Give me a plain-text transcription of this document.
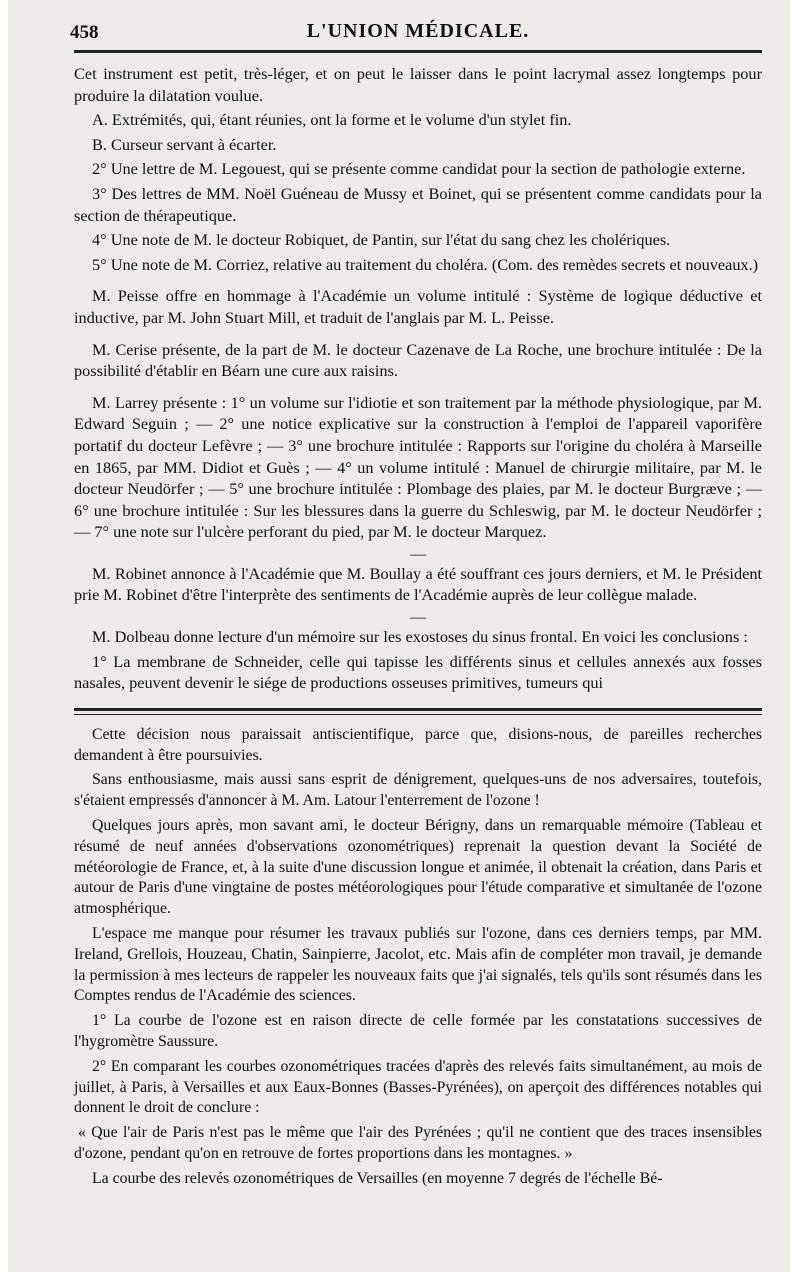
458	L'UNION MÉDICALE.

Cet instrument est petit, très-léger, et on peut le laisser dans le point lacrymal assez longtemps pour produire la dilatation voulue.

A. Extrémités, qui, étant réunies, ont la forme et le volume d'un stylet fin.

B. Curseur servant à écarter.

2° Une lettre de M. Legouest, qui se présente comme candidat pour la section de pathologie externe.

3° Des lettres de MM. Noël Guéneau de Mussy et Boinet, qui se présentent comme candidats pour la section de thérapeutique.

4° Une note de M. le docteur Robiquet, de Pantin, sur l'état du sang chez les cholériques.

5° Une note de M. Corriez, relative au traitement du choléra. (Com. des remèdes secrets et nouveaux.)

M. Peisse offre en hommage à l'Académie un volume intitulé : Système de logique déductive et inductive, par M. John Stuart Mill, et traduit de l'anglais par M. L. Peisse.

M. Cerise présente, de la part de M. le docteur Cazenave de La Roche, une brochure intitulée : De la possibilité d'établir en Béarn une cure aux raisins.

M. Larrey présente : 1° un volume sur l'idiotie et son traitement par la méthode physiologique, par M. Edward Seguin ; — 2° une notice explicative sur la construction à l'emploi de l'appareil vaporifère portatif du docteur Lefèvre ; — 3° une brochure intitulée : Rapports sur l'origine du choléra à Marseille en 1865, par MM. Didiot et Guès ; — 4° un volume intitulé : Manuel de chirurgie militaire, par M. le docteur Neudörfer ; — 5° une brochure intitulée : Plombage des plaies, par M. le docteur Burgræve ; — 6° une brochure intitulée : Sur les blessures dans la guerre du Schleswig, par M. le docteur Neudörfer ; — 7° une note sur l'ulcère perforant du pied, par M. le docteur Marquez.

—

M. Robinet annonce à l'Académie que M. Boullay a été souffrant ces jours derniers, et M. le Président prie M. Robinet d'être l'interprète des sentiments de l'Académie auprès de leur collègue malade.

—

M. Dolbeau donne lecture d'un mémoire sur les exostoses du sinus frontal. En voici les conclusions :

1° La membrane de Schneider, celle qui tapisse les différents sinus et cellules annexés aux fosses nasales, peuvent devenir le siége de productions osseuses primitives, tumeurs qui

Cette décision nous paraissait antiscientifique, parce que, disions-nous, de pareilles recherches demandent à être poursuivies.

Sans enthousiasme, mais aussi sans esprit de dénigrement, quelques-uns de nos adversaires, toutefois, s'étaient empressés d'annoncer à M. Am. Latour l'enterrement de l'ozone !

Quelques jours après, mon savant ami, le docteur Bérigny, dans un remarquable mémoire (Tableau et résumé de neuf années d'observations ozonométriques) reprenait la question devant la Société de météorologie de France, et, à la suite d'une discussion longue et animée, il obtenait la création, dans Paris et autour de Paris d'une vingtaine de postes météorologiques pour l'étude comparative et simultanée de l'ozone atmosphérique.

L'espace me manque pour résumer les travaux publiés sur l'ozone, dans ces derniers temps, par MM. Ireland, Grellois, Houzeau, Chatin, Sainpierre, Jacolot, etc. Mais afin de compléter mon travail, je demande la permission à mes lecteurs de rappeler les nouveaux faits que j'ai signalés, tels qu'ils sont résumés dans les Comptes rendus de l'Académie des sciences.

1° La courbe de l'ozone est en raison directe de celle formée par les constatations successives de l'hygromètre Saussure.

2° En comparant les courbes ozonométriques tracées d'après des relevés faits simultanément, au mois de juillet, à Paris, à Versailles et aux Eaux-Bonnes (Basses-Pyrénées), on aperçoit des différences notables qui donnent le droit de conclure :

« Que l'air de Paris n'est pas le même que l'air des Pyrénées ; qu'il ne contient que des traces insensibles d'ozone, pendant qu'on en retrouve de fortes proportions dans les montagnes. »

La courbe des relevés ozonométriques de Versailles (en moyenne 7 degrés de l'échelle Bé-
